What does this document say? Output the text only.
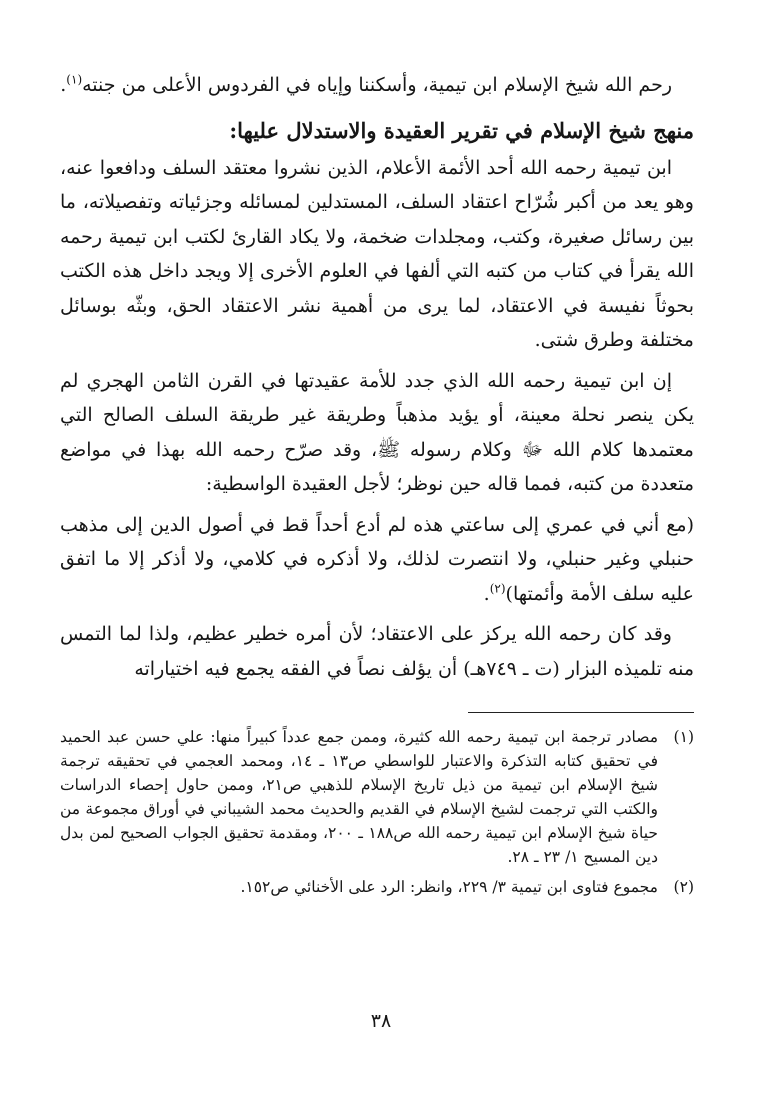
رحم الله شيخ الإسلام ابن تيمية، وأسكننا وإياه في الفردوس الأعلى من جنته$^{(١)}$.

منهج شيخ الإسلام في تقرير العقيدة والاستدلال عليها:

ابن تيمية رحمه الله أحد الأئمة الأعلام، الذين نشروا معتقد السلف ودافعوا عنه، وهو يعد من أكبر شُرّاح اعتقاد السلف، المستدلين لمسائله وجزئياته وتفصيلاته، ما بين رسائل صغيرة، وكتب، ومجلدات ضخمة، ولا يكاد القارئ لكتب ابن تيمية رحمه الله يقرأ في كتاب من كتبه التي ألفها في العلوم الأخرى إلا ويجد داخل هذه الكتب بحوثاً نفيسة في الاعتقاد، لما يرى من أهمية نشر الاعتقاد الحق، وبثّه بوسائل مختلفة وطرق شتى.

إن ابن تيمية رحمه الله الذي جدد للأمة عقيدتها في القرن الثامن الهجري لم يكن ينصر نحلة معينة، أو يؤيد مذهباً وطريقة غير طريقة السلف الصالح التي معتمدها كلام الله ﷻ وكلام رسوله ﷺ، وقد صرّح رحمه الله بهذا في مواضع متعددة من كتبه، فمما قاله حين نوظر؛ لأجل العقيدة الواسطية:

(مع أني في عمري إلى ساعتي هذه لم أدع أحداً قط في أصول الدين إلى مذهب حنبلي وغير حنبلي، ولا انتصرت لذلك، ولا أذكره في كلامي، ولا أذكر إلا ما اتفق عليه سلف الأمة وأئمتها)$^{(٢)}$.

وقد كان رحمه الله يركز على الاعتقاد؛ لأن أمره خطير عظيم، ولذا لما التمس منه تلميذه البزار (ت ـ ٧٤٩هـ) أن يؤلف نصاً في الفقه يجمع فيه اختياراته

(١)
مصادر ترجمة ابن تيمية رحمه الله كثيرة، وممن جمع عدداً كبيراً منها: علي حسن عبد الحميد في تحقيق كتابه التذكرة والاعتبار للواسطي ص١٣ ـ ١٤، ومحمد العجمي في تحقيقه ترجمة شيخ الإسلام ابن تيمية من ذيل تاريخ الإسلام للذهبي ص٢١، وممن حاول إحصاء الدراسات والكتب التي ترجمت لشيخ الإسلام في القديم والحديث محمد الشيباني في أوراق مجموعة من حياة شيخ الإسلام ابن تيمية رحمه الله ص١٨٨ ـ ٢٠٠، ومقدمة تحقيق الجواب الصحيح لمن بدل دين المسيح ١/ ٢٣ ـ ٢٨.
(٢)
مجموع فتاوى ابن تيمية ٣/ ٢٢٩، وانظر: الرد على الأخنائي ص١٥٢.
٣٨
